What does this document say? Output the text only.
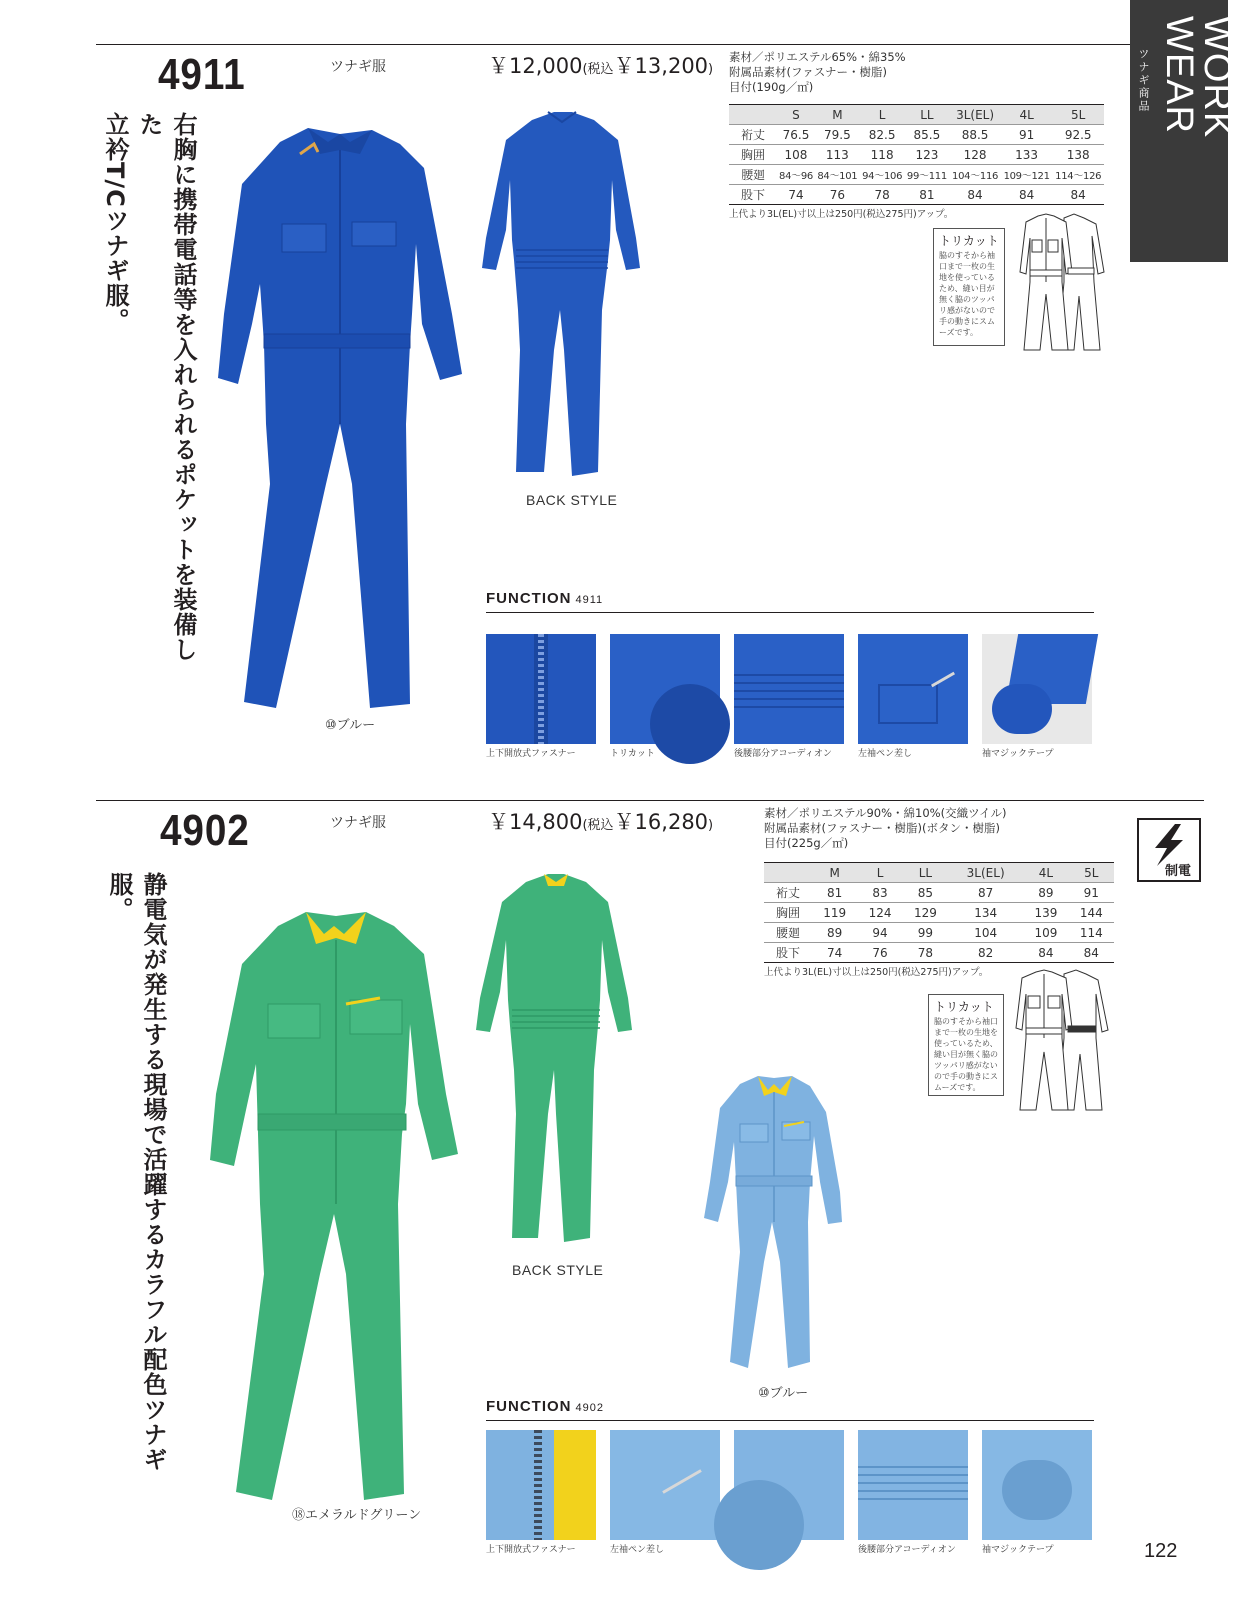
WORK WEAR
ツナギ商品
4911	ツナギ服	￥12,000(税込￥13,200)
右胸に携帯電話等を入れられるポケットを装備した
立衿T/Cツナギ服。
素材／ポリエステル65%・綿35%
附属品素材(ファスナー・樹脂)
目付(190g／㎡)
	S	M	L	LL	3L(EL)	4L	5L
裄丈	76.5	79.5	82.5	85.5	88.5	91	92.5
胸囲	108	113	118	123	128	133	138
腰廻	84〜96	84〜101	94〜106	99〜111	104〜116	109〜121	114〜126
股下	74	76	78	81	84	84	84
上代より3L(EL)寸以上は250円(税込275円)アップ。
トリカット
脇のすそから袖口まで一枚の生地を使っているため、縫い目が無く脇のツッパリ感がないので手の動きにスムーズです。
⑩ブルー
BACK STYLE
FUNCTION 4911
上下開放式ファスナー	トリカット	後腰部分アコーディオン	左袖ペン差し	袖マジックテープ
4902	ツナギ服	￥14,800(税込￥16,280)
静電気が発生する現場で活躍するカラフル配色ツナギ服。
素材／ポリエステル90%・綿10%(交織ツイル)
附属品素材(ファスナー・樹脂)(ボタン・樹脂)
目付(225g／㎡)
制電
	M	L	LL	3L(EL)	4L	5L
裄丈	81	83	85	87	89	91
胸囲	119	124	129	134	139	144
腰廻	89	94	99	104	109	114
股下	74	76	78	82	84	84
上代より3L(EL)寸以上は250円(税込275円)アップ。
トリカット
脇のすそから袖口まで一枚の生地を使っているため、縫い目が無く脇のツッパリ感がないので手の動きにスムーズです。
⑱エメラルドグリーン
BACK STYLE
⑩ブルー
FUNCTION 4902
上下開放式ファスナー	左袖ペン差し	後腰部分アコーディオン	袖マジックテープ	122
